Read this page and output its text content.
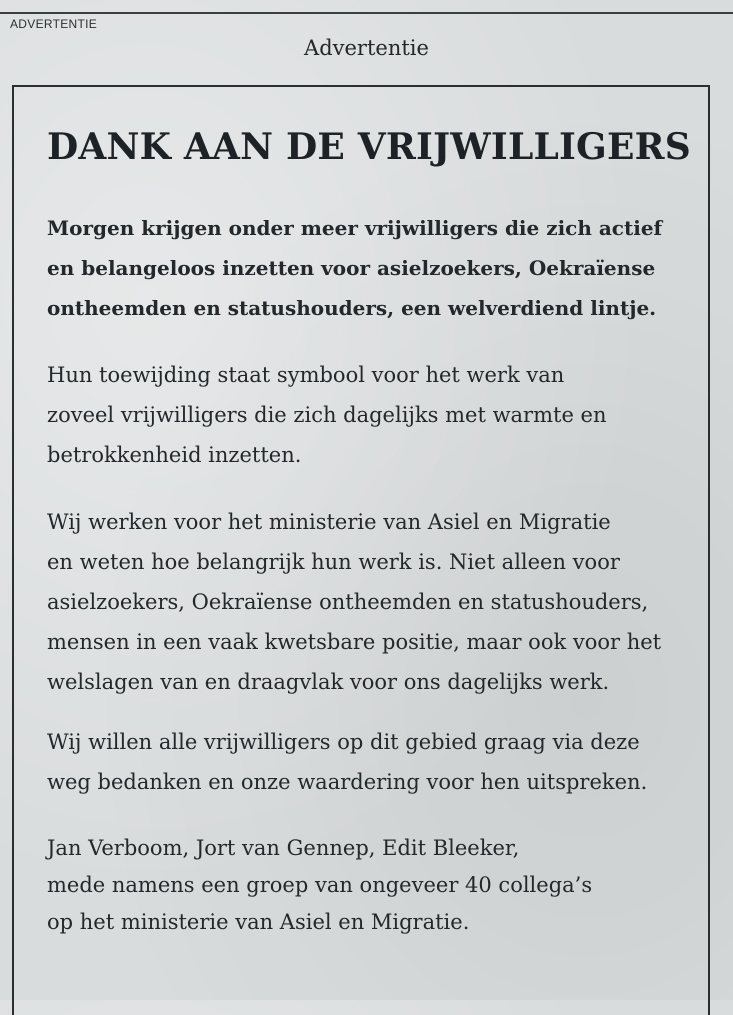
ADVERTENTIE
Advertentie
DANK AAN DE VRIJWILLIGERS

Morgen krijgen onder meer vrijwilligers die zich actief
en belangeloos inzetten voor asielzoekers, Oekraïense
ontheemden en statushouders, een welverdiend lintje.

Hun toewijding staat symbool voor het werk van
zoveel vrijwilligers die zich dagelijks met warmte en
betrokkenheid inzetten.

Wij werken voor het ministerie van Asiel en Migratie
en weten hoe belangrijk hun werk is. Niet alleen voor
asielzoekers, Oekraïense ontheemden en statushouders,
mensen in een vaak kwetsbare positie, maar ook voor het
welslagen van en draagvlak voor ons dagelijks werk.

Wij willen alle vrijwilligers op dit gebied graag via deze
weg bedanken en onze waardering voor hen uitspreken.

Jan Verboom, Jort van Gennep, Edit Bleeker,
mede namens een groep van ongeveer 40 collega’s
op het ministerie van Asiel en Migratie.
